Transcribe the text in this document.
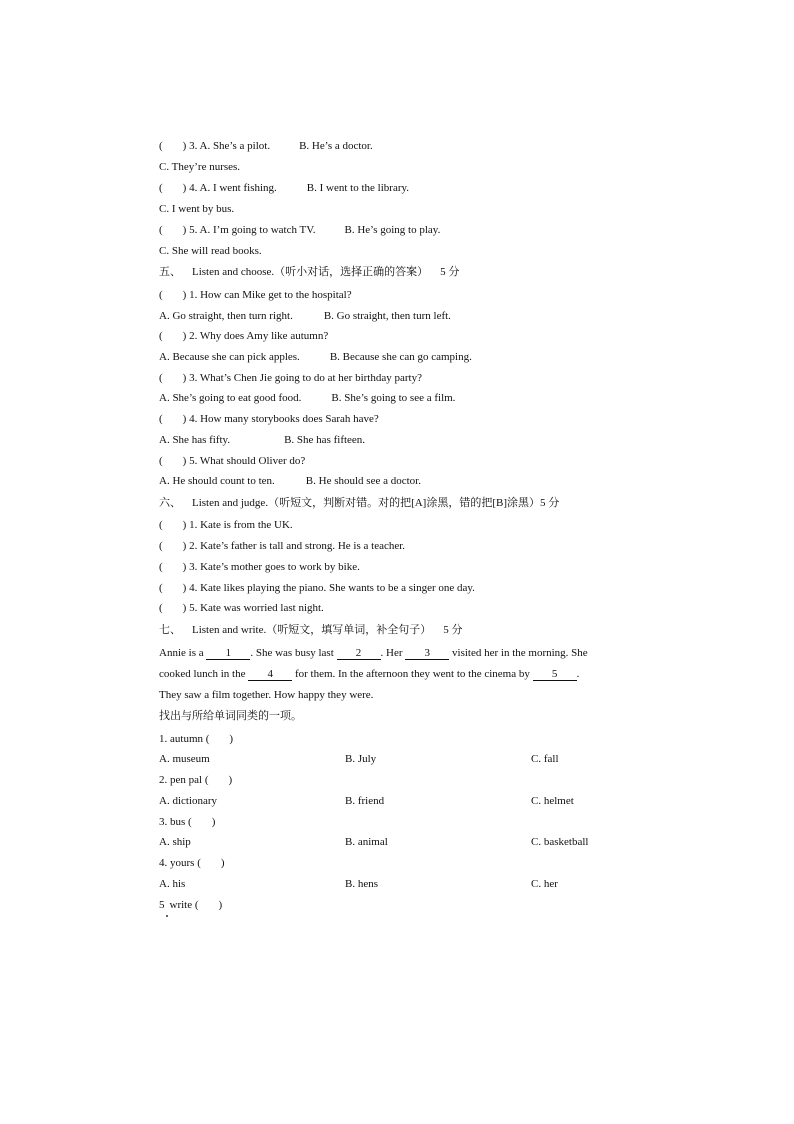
( ) 3. A. She’s a pilot.	B. He’s a doctor.
C. They’re nurses.
( ) 4. A. I went fishing.	B. I went to the library.
C. I went by bus.
( ) 5. A. I’m going to watch TV.	B. He’s going to play.
C. She will read books.
五、 Listen and choose.（听小对话，选择正确的答案） 5 分
( ) 1. How can Mike get to the hospital?
A. Go straight, then turn right.	B. Go straight, then turn left.
( ) 2. Why does Amy like autumn?
A. Because she can pick apples.	B. Because she can go camping.
( ) 3. What’s Chen Jie going to do at her birthday party?
A. She’s going to eat good food.	B. She’s going to see a film.
( ) 4. How many storybooks does Sarah have?
A. She has fifty.	B. She has fifteen.
( ) 5. What should Oliver do?
A. He should count to ten.	B. He should see a doctor.
六、 Listen and judge.（听短文，判断对错。对的把[A]涂黑，错的把[B]涂黑）5 分
( ) 1. Kate is from the UK.
( ) 2. Kate’s father is tall and strong. He is a teacher.
( ) 3. Kate’s mother goes to work by bike.
( ) 4. Kate likes playing the piano. She wants to be a singer one day.
( ) 5. Kate was worried last night.
七、 Listen and write.（听短文，填写单词，补全句子） 5 分
Annie is a 1 . She was busy last 2 . Her 3 visited her in the morning. She
cooked lunch in the 4 for them. In the afternoon they went to the cinema by 5 .
They saw a film together. How happy they were.
找出与所给单词同类的一项。
1. autumn ( )
A. museum	B. July	C. fall
2. pen pal ( )
A. dictionary	B. friend	C. helmet
3. bus ( )
A. ship	B. animal	C. basketball
4. yours ( )
A. his	B. hens	C. her
5 write ( )
